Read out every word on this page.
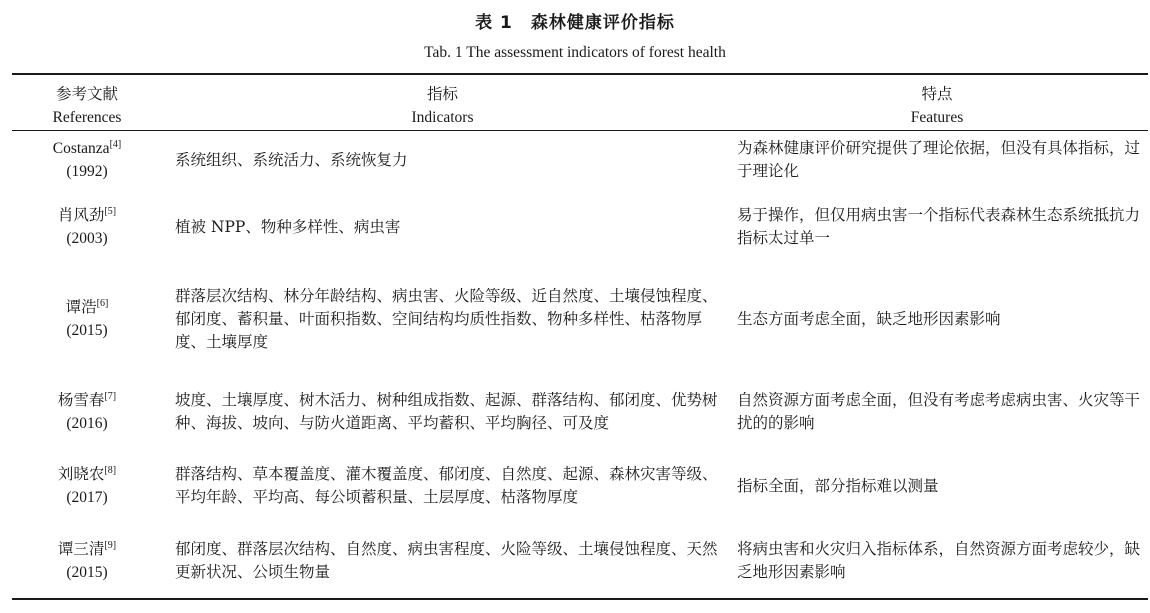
表 1 森林健康评价指标
Tab. 1 The assessment indicators of forest health
参考文献
References
指标
Indicators
特点
Features
Costanza[4]
(1992)
系统组织、系统活力、系统恢复力
为森林健康评价研究提供了理论依据，但没有具体指标，过于理论化
肖风劲[5]
(2003)
植被 NPP、物种多样性、病虫害
易于操作，但仅用病虫害一个指标代表森林生态系统抵抗力指标太过单一
谭浩[6]
(2015)
群落层次结构、林分年龄结构、病虫害、火险等级、近自然度、土壤侵蚀程度、郁闭度、蓄积量、叶面积指数、空间结构均质性指数、物种多样性、枯落物厚度、土壤厚度
生态方面考虑全面，缺乏地形因素影响
杨雪春[7]
(2016)
坡度、土壤厚度、树木活力、树种组成指数、起源、群落结构、郁闭度、优势树种、海拔、坡向、与防火道距离、平均蓄积、平均胸径、可及度
自然资源方面考虑全面，但没有考虑考虑病虫害、火灾等干扰的的影响
刘晓农[8]
(2017)
群落结构、草本覆盖度、灌木覆盖度、郁闭度、自然度、起源、森林灾害等级、平均年龄、平均高、每公顷蓄积量、土层厚度、枯落物厚度
指标全面，部分指标难以测量
谭三清[9]
(2015)
郁闭度、群落层次结构、自然度、病虫害程度、火险等级、土壤侵蚀程度、天然更新状况、公顷生物量
将病虫害和火灾归入指标体系，自然资源方面考虑较少，缺乏地形因素影响
